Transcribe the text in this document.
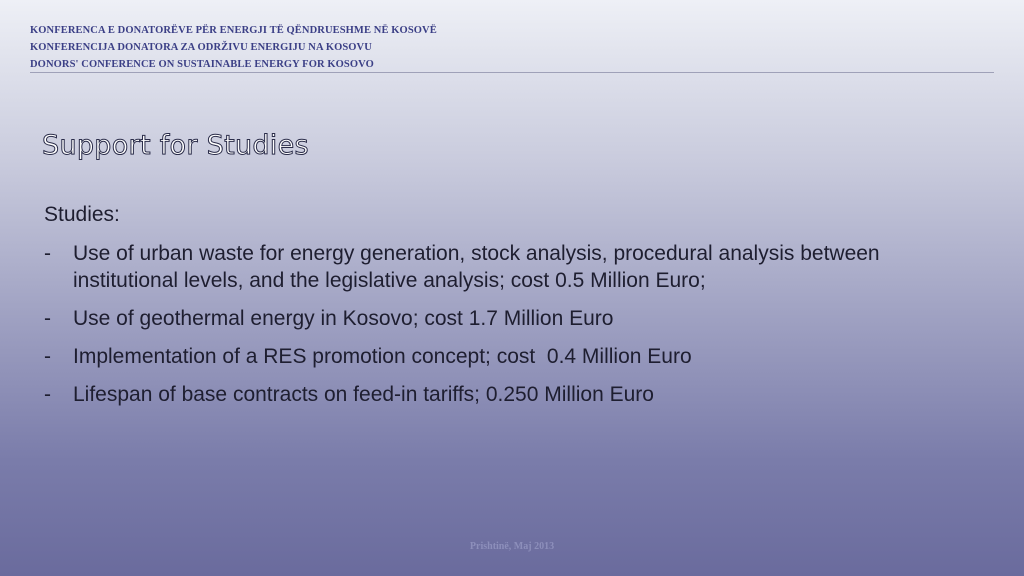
KONFERENCA E DONATORËVE PËR ENERGJI TË QËNDRUESHME NË KOSOVË
KONFERENCIJA DONATORA ZA ODRŽIVU ENERGIJU NA KOSOVU
DONORS' CONFERENCE ON SUSTAINABLE ENERGY FOR KOSOVO
Support for Studies
Studies:
- Use of urban waste for energy generation, stock analysis, procedural analysis between institutional levels, and the legislative analysis; cost 0.5 Million Euro;
- Use of geothermal energy in Kosovo; cost 1.7 Million Euro
- Implementation of a RES promotion concept; cost  0.4 Million Euro
- Lifespan of base contracts on feed-in tariffs; 0.250 Million Euro
Prishtinë, Maj 2013
